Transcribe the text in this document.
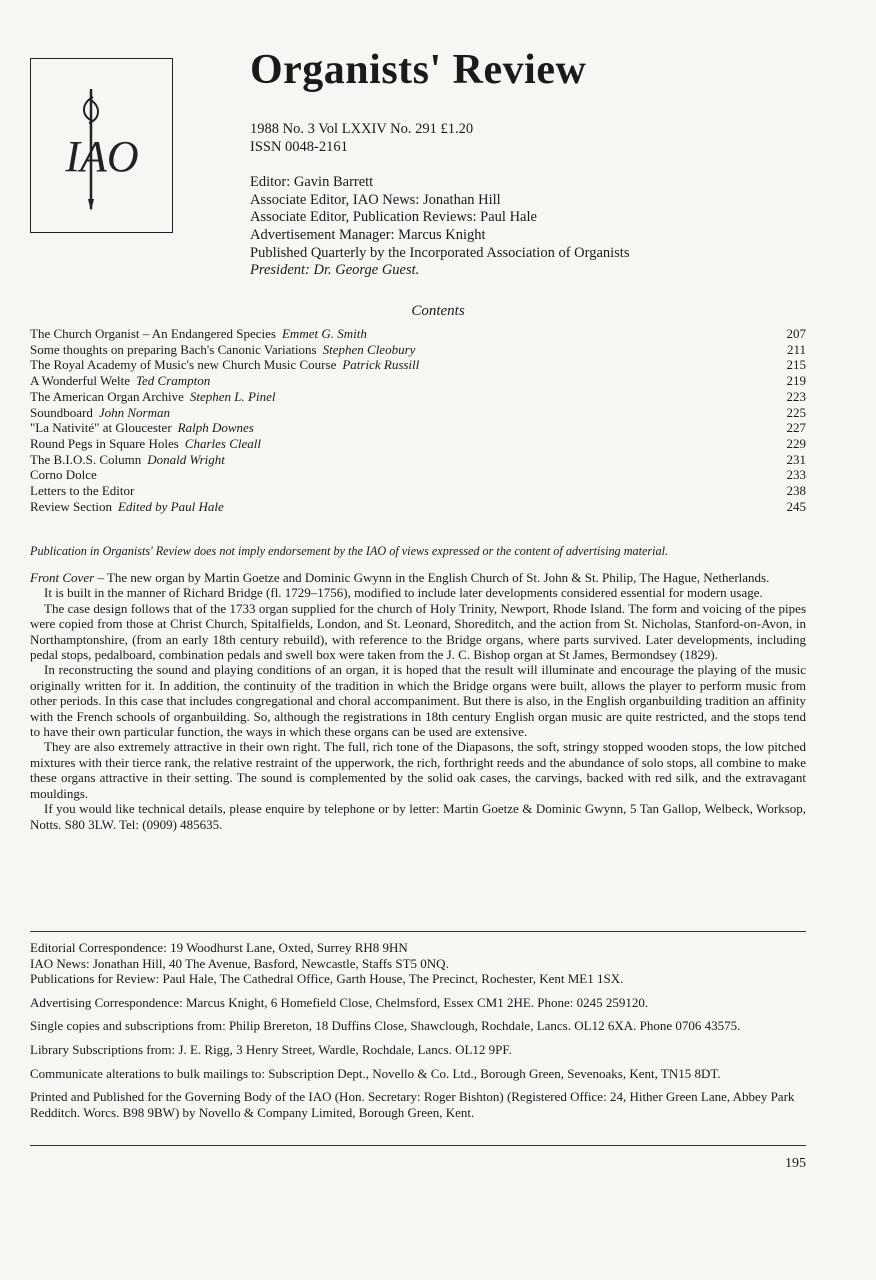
IAO
Organists' Review
1988 No. 3 Vol LXXIV No. 291 £1.20
ISSN 0048-2161
Editor: Gavin Barrett
Associate Editor, IAO News: Jonathan Hill
Associate Editor, Publication Reviews: Paul Hale
Advertisement Manager: Marcus Knight
Published Quarterly by the Incorporated Association of Organists
President: Dr. George Guest.
Contents
The Church Organist – An Endangered Species Emmet G. Smith	207
Some thoughts on preparing Bach's Canonic Variations Stephen Cleobury	211
The Royal Academy of Music's new Church Music Course Patrick Russill	215
A Wonderful Welte Ted Crampton	219
The American Organ Archive Stephen L. Pinel	223
Soundboard John Norman	225
"La Nativité" at Gloucester Ralph Downes	227
Round Pegs in Square Holes Charles Cleall	229
The B.I.O.S. Column Donald Wright	231
Corno Dolce	233
Letters to the Editor	238
Review Section Edited by Paul Hale	245
Publication in Organists' Review does not imply endorsement by the IAO of views expressed or the content of advertising material.

Front Cover – The new organ by Martin Goetze and Dominic Gwynn in the English Church of St. John & St. Philip, The Hague, Netherlands.

It is built in the manner of Richard Bridge (fl. 1729–1756), modified to include later developments considered essential for modern usage.

The case design follows that of the 1733 organ supplied for the church of Holy Trinity, Newport, Rhode Island. The form and voicing of the pipes were copied from those at Christ Church, Spitalfields, London, and St. Leonard, Shoreditch, and the action from St. Nicholas, Stanford-on-Avon, in Northamptonshire, (from an early 18th century rebuild), with reference to the Bridge organs, where parts survived. Later developments, including pedal stops, pedalboard, combination pedals and swell box were taken from the J. C. Bishop organ at St James, Bermondsey (1829).

In reconstructing the sound and playing conditions of an organ, it is hoped that the result will illuminate and encourage the playing of the music originally written for it. In addition, the continuity of the tradition in which the Bridge organs were built, allows the player to perform music from other periods. In this case that includes congregational and choral accompaniment. But there is also, in the English organbuilding tradition an affinity with the French schools of organbuilding. So, although the registrations in 18th century English organ music are quite restricted, and the stops tend to have their own particular function, the ways in which these organs can be used are extensive.

They are also extremely attractive in their own right. The full, rich tone of the Diapasons, the soft, stringy stopped wooden stops, the low pitched mixtures with their tierce rank, the relative restraint of the upperwork, the rich, forthright reeds and the abundance of solo stops, all combine to make these organs attractive in their setting. The sound is complemented by the solid oak cases, the carvings, backed with red silk, and the extravagant mouldings.

If you would like technical details, please enquire by telephone or by letter: Martin Goetze & Dominic Gwynn, 5 Tan Gallop, Welbeck, Worksop, Notts. S80 3LW. Tel: (0909) 485635.

Editorial Correspondence: 19 Woodhurst Lane, Oxted, Surrey RH8 9HN

IAO News: Jonathan Hill, 40 The Avenue, Basford, Newcastle, Staffs ST5 0NQ.

Publications for Review: Paul Hale, The Cathedral Office, Garth House, The Precinct, Rochester, Kent ME1 1SX.

Advertising Correspondence: Marcus Knight, 6 Homefield Close, Chelmsford, Essex CM1 2HE. Phone: 0245 259120.

Single copies and subscriptions from: Philip Brereton, 18 Duffins Close, Shawclough, Rochdale, Lancs. OL12 6XA. Phone 0706 43575.

Library Subscriptions from: J. E. Rigg, 3 Henry Street, Wardle, Rochdale, Lancs. OL12 9PF.

Communicate alterations to bulk mailings to: Subscription Dept., Novello & Co. Ltd., Borough Green, Sevenoaks, Kent, TN15 8DT.

Printed and Published for the Governing Body of the IAO (Hon. Secretary: Roger Bishton) (Registered Office: 24, Hither Green Lane, Abbey Park Redditch. Worcs. B98 9BW) by Novello & Company Limited, Borough Green, Kent.

195
